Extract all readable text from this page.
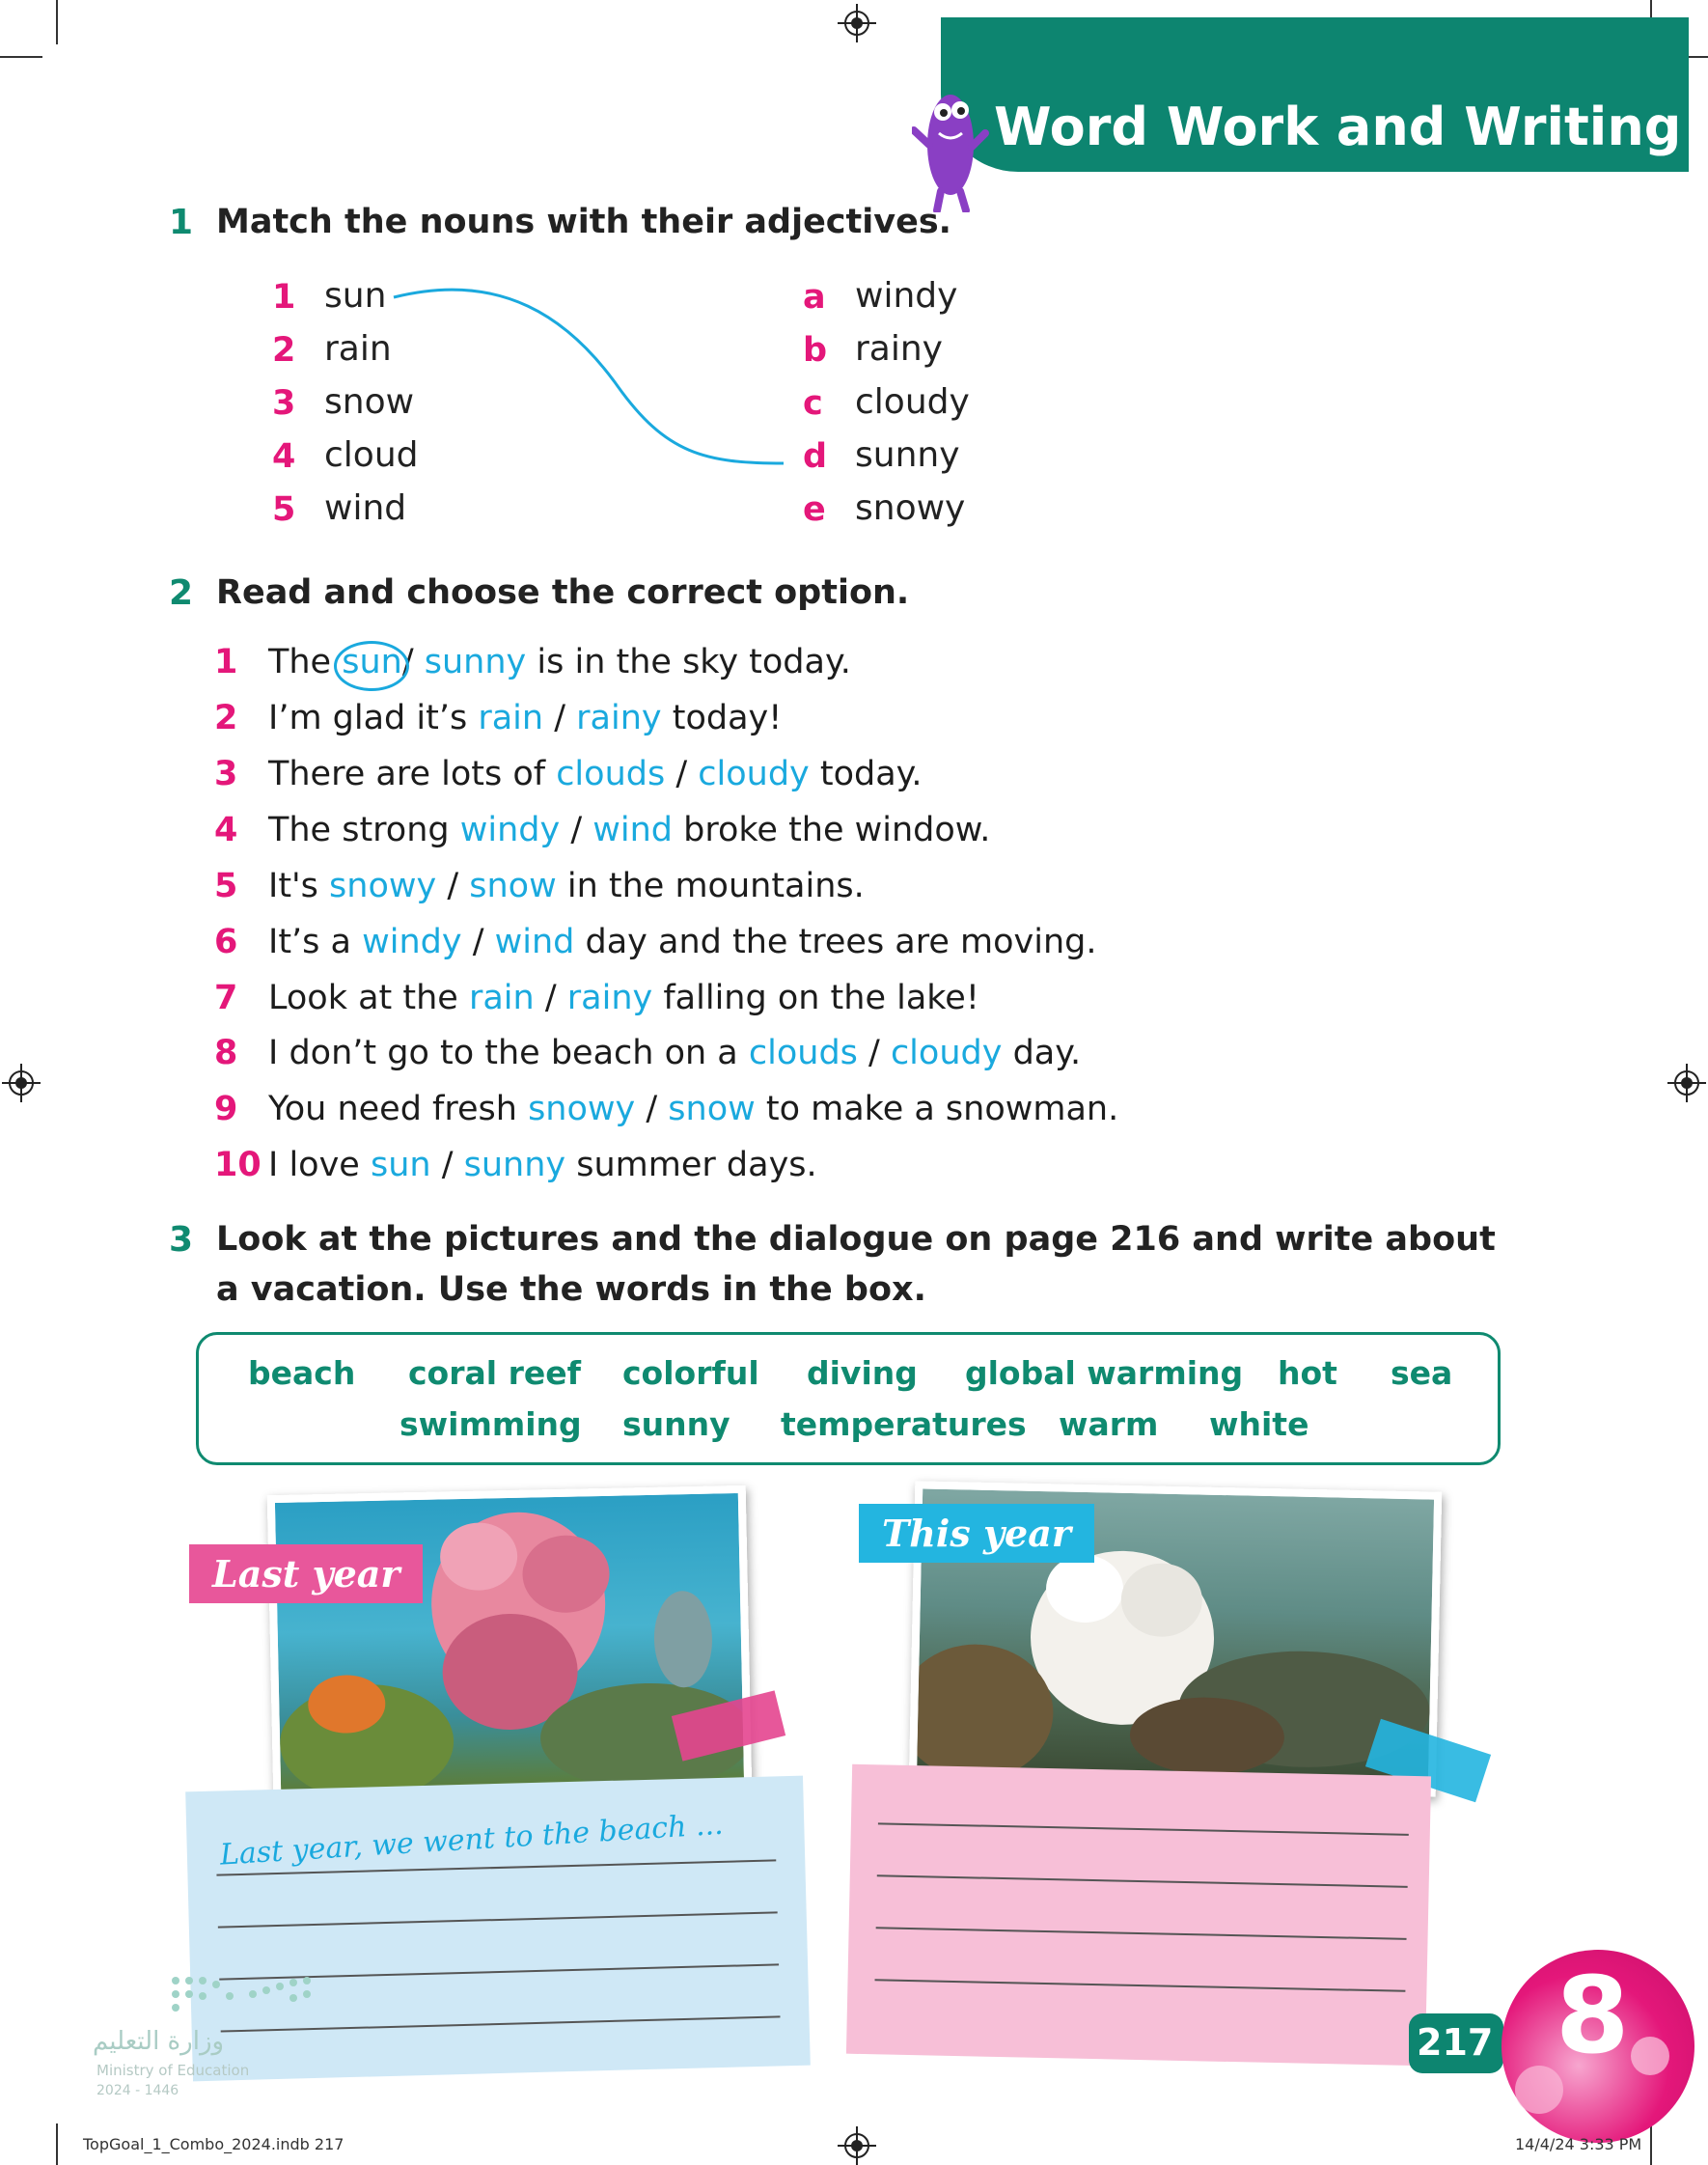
Word Work and Writing
1 Match the nouns with their adjectives.
1 sun
2 rain
3 snow
4 cloud
5 wind
a windy
b rainy
c cloudy
d sunny
e snowy
2 Read and choose the correct option.
1 The sun/ sunny is in the sky today.
2 I’m glad it’s rain / rainy today!
3 There are lots of clouds / cloudy today.
4 The strong windy / wind broke the window.
5 It's snowy / snow in the mountains.
6 It’s a windy / wind day and the trees are moving.
7 Look at the rain / rainy falling on the lake!
8 I don’t go to the beach on a clouds / cloudy day.
9 You need fresh snowy / snow to make a snowman.
10 I love sun / sunny summer days.
3 Look at the pictures and the dialogue on page 216 and write about
a vacation. Use the words in the box.
beach coral reef colorful diving global warming hot sea
swimming sunny temperatures warm white
Last year
This year
Last year, we went to the beach ...
وزارة التعليم
Ministry of Education
2024 - 1446
217 8
TopGoal_1_Combo_2024.indb 217	14/4/24 3:33 PM
